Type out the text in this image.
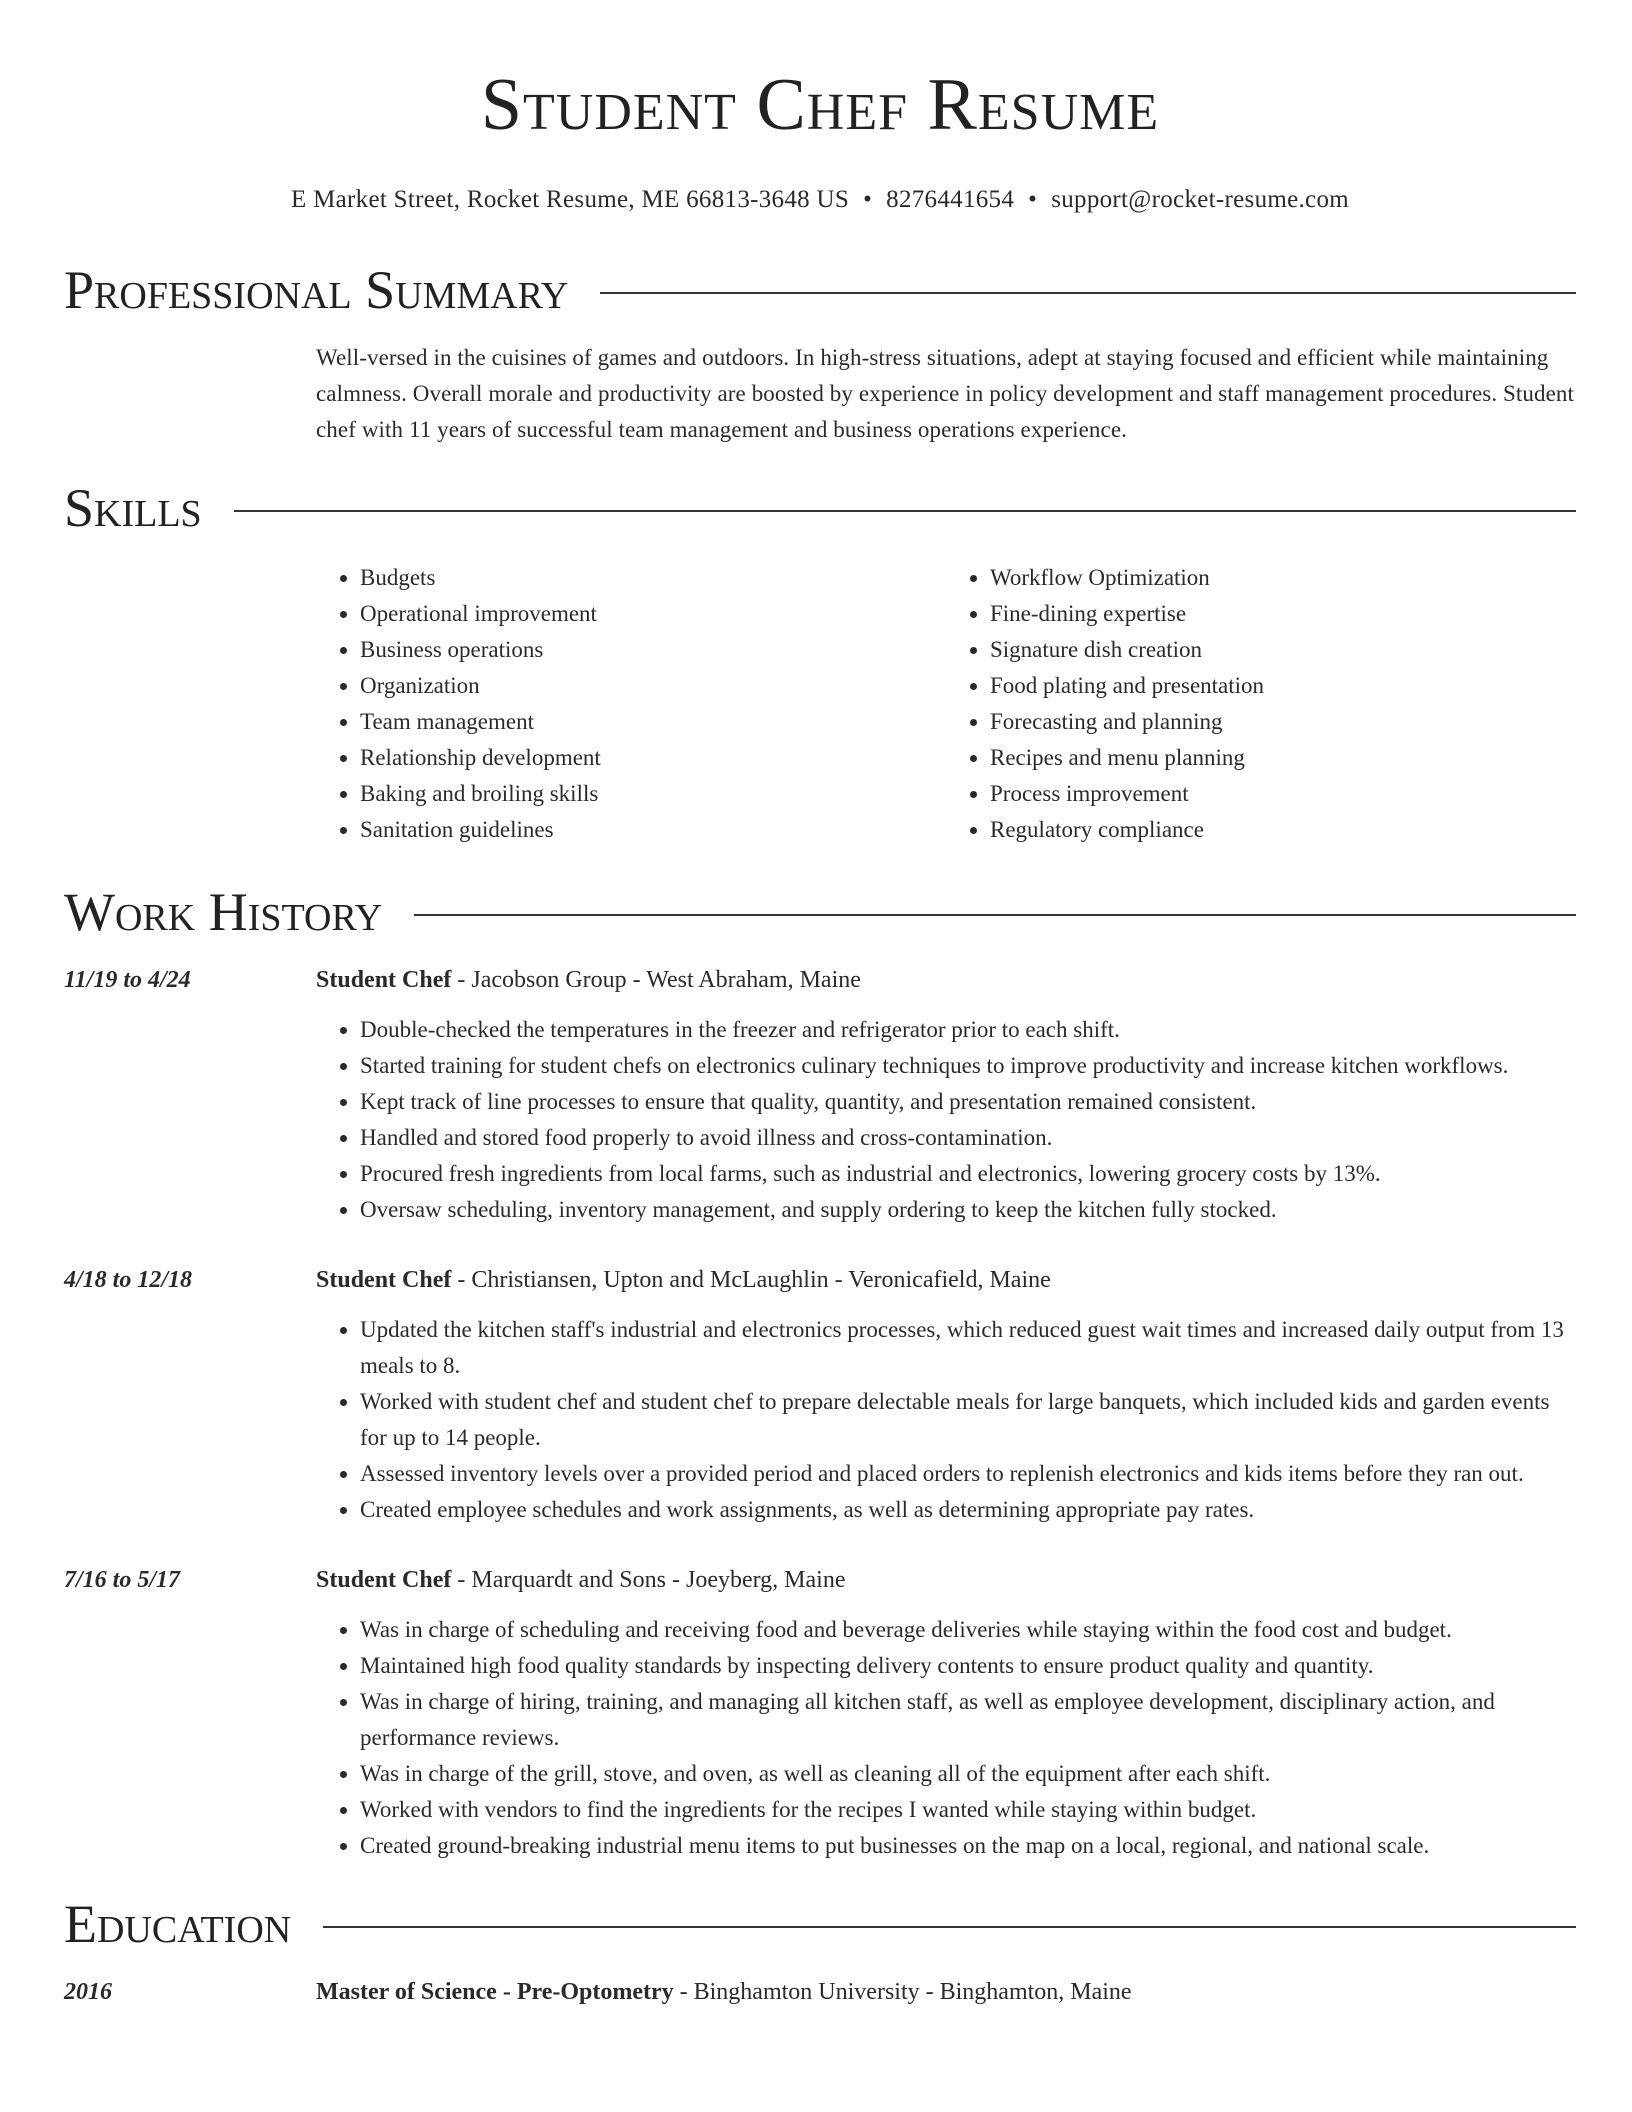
Student Chef Resume
E Market Street, Rocket Resume, ME 66813-3648 US • 8276441654 • support@rocket-resume.com
Professional Summary
Well-versed in the cuisines of games and outdoors. In high-stress situations, adept at staying focused and efficient while maintaining calmness. Overall morale and productivity are boosted by experience in policy development and staff management procedures. Student chef with 11 years of successful team management and business operations experience.
Skills
• Budgets
• Operational improvement
• Business operations
• Organization
• Team management
• Relationship development
• Baking and broiling skills
• Sanitation guidelines
• Workflow Optimization
• Fine-dining expertise
• Signature dish creation
• Food plating and presentation
• Forecasting and planning
• Recipes and menu planning
• Process improvement
• Regulatory compliance
Work History
11/19 to 4/24	Student Chef - Jacobson Group - West Abraham, Maine
• Double-checked the temperatures in the freezer and refrigerator prior to each shift.
• Started training for student chefs on electronics culinary techniques to improve productivity and increase kitchen workflows.
• Kept track of line processes to ensure that quality, quantity, and presentation remained consistent.
• Handled and stored food properly to avoid illness and cross-contamination.
• Procured fresh ingredients from local farms, such as industrial and electronics, lowering grocery costs by 13%.
• Oversaw scheduling, inventory management, and supply ordering to keep the kitchen fully stocked.
4/18 to 12/18	Student Chef - Christiansen, Upton and McLaughlin - Veronicafield, Maine
• Updated the kitchen staff's industrial and electronics processes, which reduced guest wait times and increased daily output from 13 meals to 8.
• Worked with student chef and student chef to prepare delectable meals for large banquets, which included kids and garden events for up to 14 people.
• Assessed inventory levels over a provided period and placed orders to replenish electronics and kids items before they ran out.
• Created employee schedules and work assignments, as well as determining appropriate pay rates.
7/16 to 5/17	Student Chef - Marquardt and Sons - Joeyberg, Maine
• Was in charge of scheduling and receiving food and beverage deliveries while staying within the food cost and budget.
• Maintained high food quality standards by inspecting delivery contents to ensure product quality and quantity.
• Was in charge of hiring, training, and managing all kitchen staff, as well as employee development, disciplinary action, and performance reviews.
• Was in charge of the grill, stove, and oven, as well as cleaning all of the equipment after each shift.
• Worked with vendors to find the ingredients for the recipes I wanted while staying within budget.
• Created ground-breaking industrial menu items to put businesses on the map on a local, regional, and national scale.
Education
2016	Master of Science - Pre-Optometry - Binghamton University - Binghamton, Maine
